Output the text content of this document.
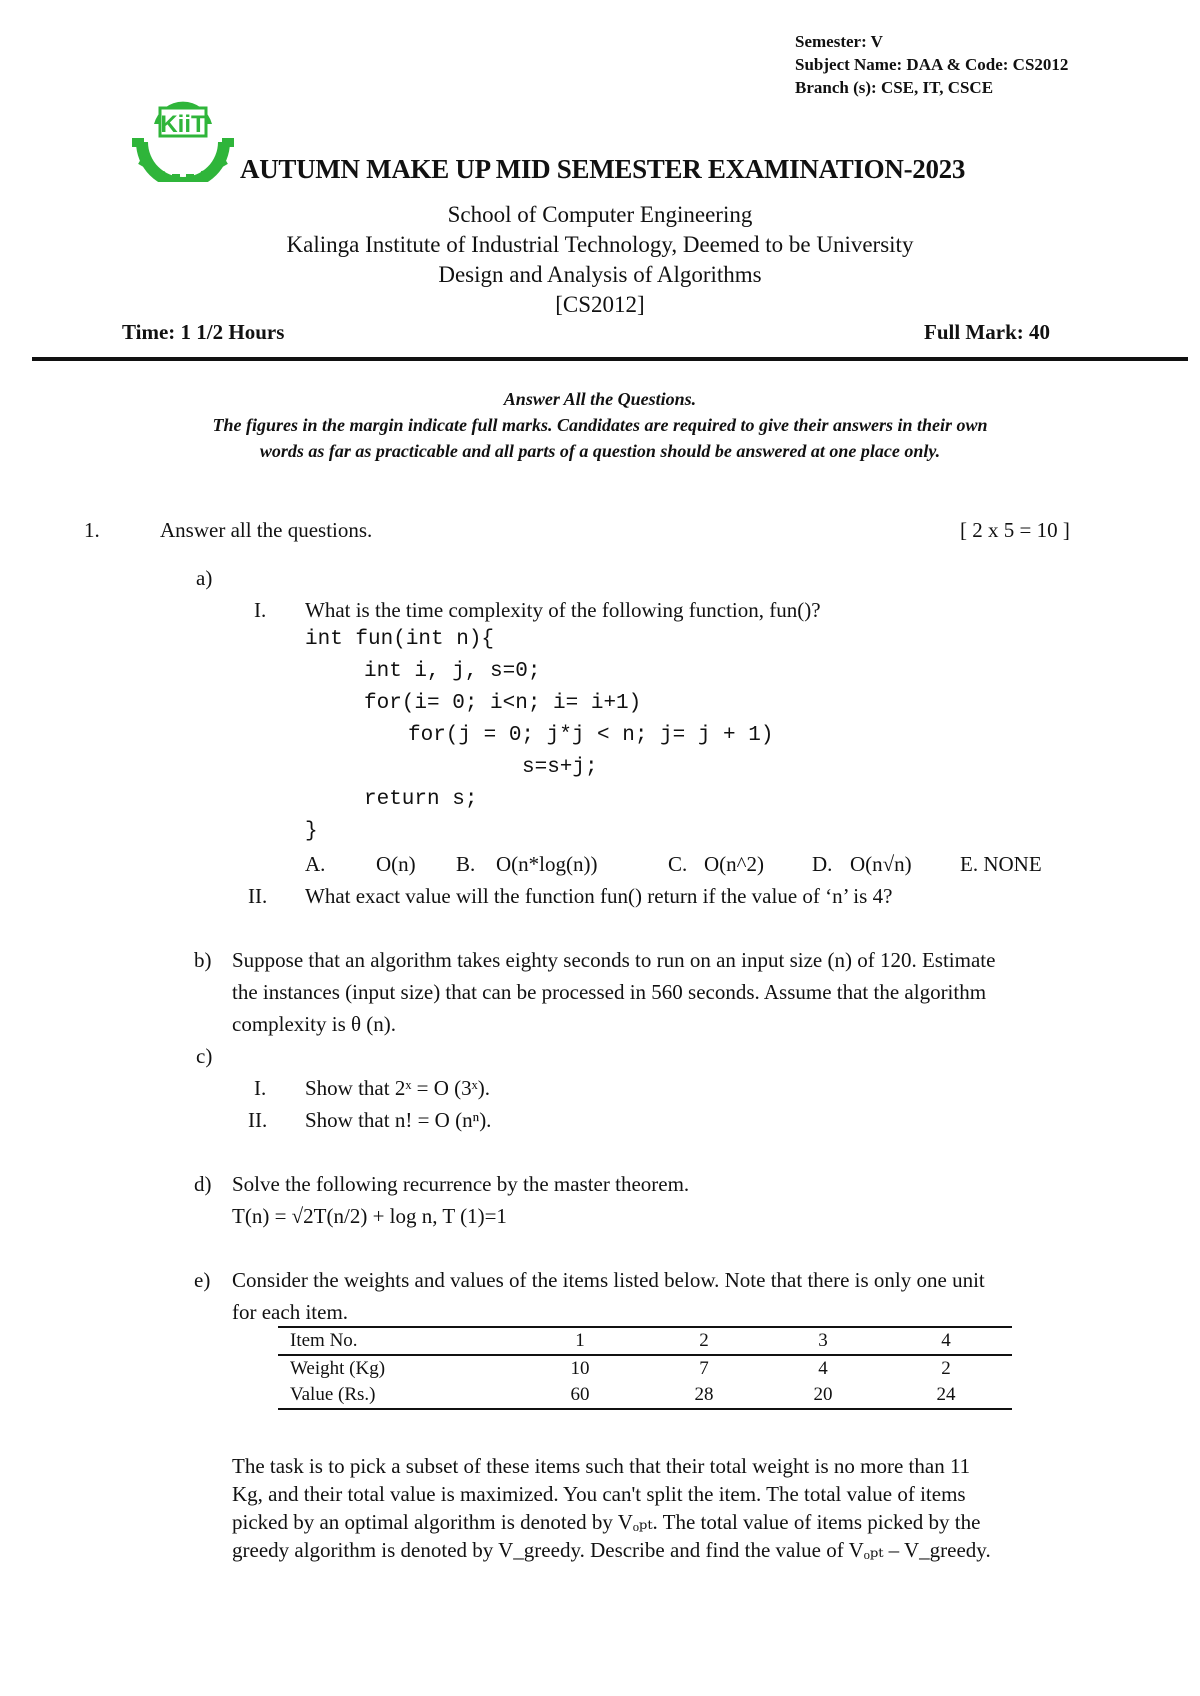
Semester: V
Subject Name: DAA & Code: CS2012
Branch (s): CSE, IT, CSCE
KiiT
AUTUMN MAKE UP MID SEMESTER EXAMINATION-2023
School of Computer Engineering
Kalinga Institute of Industrial Technology, Deemed to be University
Design and Analysis of Algorithms
[CS2012]
Time: 1 1/2 Hours	Full Mark: 40
Answer All the Questions.
The figures in the margin indicate full marks. Candidates are required to give their answers in their own
words as far as practicable and all parts of a question should be answered at one place only.
1.	Answer all the questions.	[ 2 x 5 = 10 ]
a)
I. What is the time complexity of the following function, fun()?
int fun(int n){
int i, j, s=0;
for(i= 0; i<n; i= i+1)
for(j = 0; j*j < n; j= j + 1)
s=s+j;
return s;
}
A. O(n) B. O(n*log(n))	C. O(n^2) D. O(n√n) E. NONE
II. What exact value will the function fun() return if the value of ‘n’ is 4?
b) Suppose that an algorithm takes eighty seconds to run on an input size (n) of 120. Estimate
the instances (input size) that can be processed in 560 seconds. Assume that the algorithm
complexity is θ (n).
c)
I. Show that 2ˣ = O (3ˣ).
II. Show that n! = O (nⁿ).
d) Solve the following recurrence by the master theorem.
T(n) = √2T(n/2) + log n, T (1)=1
e) Consider the weights and values of the items listed below. Note that there is only one unit
for each item.
Item No.	1	2	3	4
Weight (Kg)	10	7	4	2
Value (Rs.)	60	28	20	24
The task is to pick a subset of these items such that their total weight is no more than 11
Kg, and their total value is maximized. You can't split the item. The total value of items
picked by an optimal algorithm is denoted by Vₒₚₜ. The total value of items picked by the
greedy algorithm is denoted by V_greedy. Describe and find the value of Vₒₚₜ – V_greedy.
